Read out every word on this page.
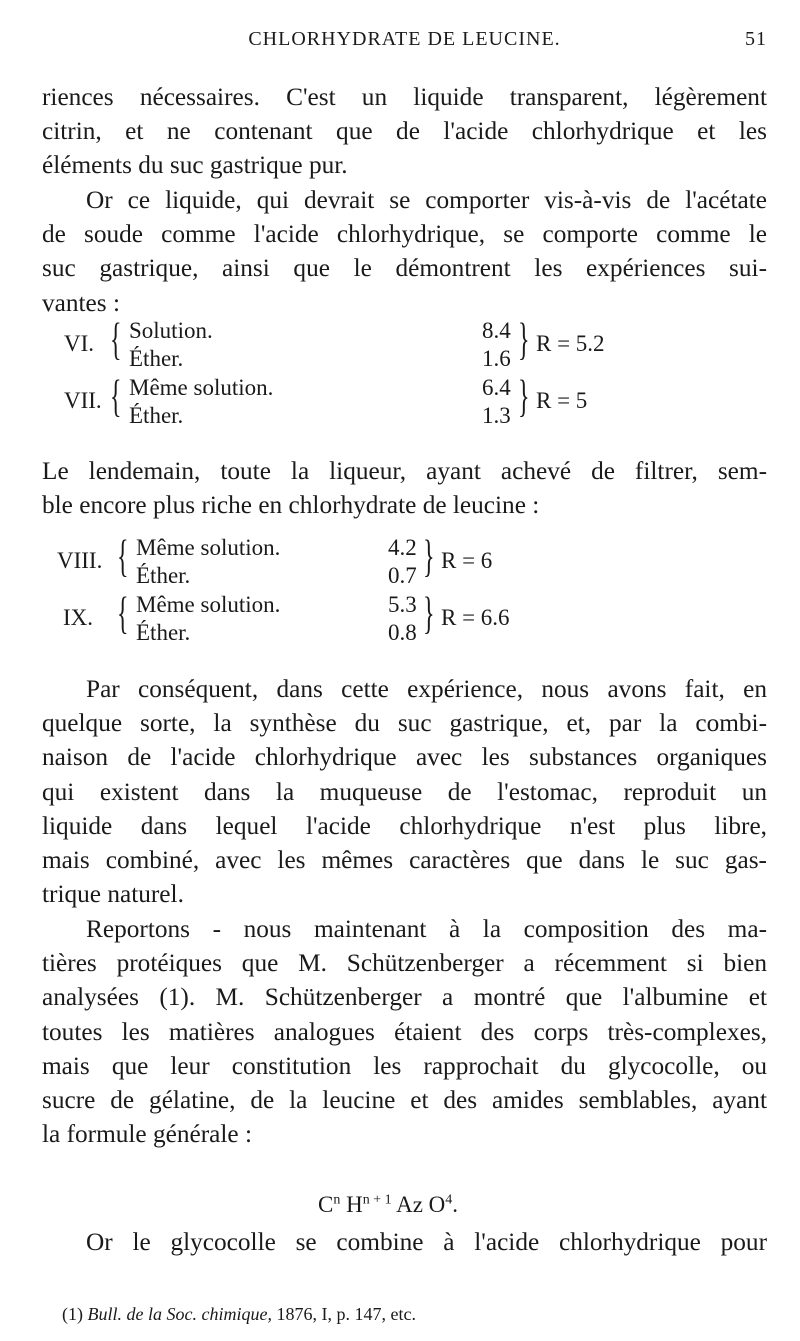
CHLORHYDRATE DE LEUCINE.	51
riences nécessaires. C'est un liquide transparent, légèrement
citrin, et ne contenant que de l'acide chlorhydrique et les
éléments du suc gastrique pur.
Or ce liquide, qui devrait se comporter vis-à-vis de l'acétate
de soude comme l'acide chlorhydrique, se comporte comme le
suc gastrique, ainsi que le démontrent les expériences sui-
vantes :
VI. { Solution.	8.4
Éther.	1.6 } R = 5.2
VII. { Même solution.	6.4
Éther.	1.3 } R = 5
Le lendemain, toute la liqueur, ayant achevé de filtrer, sem-
ble encore plus riche en chlorhydrate de leucine :
VIII. { Même solution.	4.2
Éther.	0.7 } R = 6
IX. { Même solution.	5.3
Éther.	0.8 } R = 6.6
Par conséquent, dans cette expérience, nous avons fait, en
quelque sorte, la synthèse du suc gastrique, et, par la combi-
naison de l'acide chlorhydrique avec les substances organiques
qui existent dans la muqueuse de l'estomac, reproduit un
liquide dans lequel l'acide chlorhydrique n'est plus libre,
mais combiné, avec les mêmes caractères que dans le suc gas-
trique naturel.
Reportons - nous maintenant à la composition des ma-
tières protéiques que M. Schützenberger a récemment si bien
analysées (1). M. Schützenberger a montré que l'albumine et
toutes les matières analogues étaient des corps très-complexes,
mais que leur constitution les rapprochait du glycocolle, ou
sucre de gélatine, de la leucine et des amides semblables, ayant
la formule générale :
$C^n$ $H^{n + 1}$ Az $O^4$.
Or le glycocolle se combine à l'acide chlorhydrique pour
(1) Bull. de la Soc. chimique, 1876, I, p. 147, etc.
